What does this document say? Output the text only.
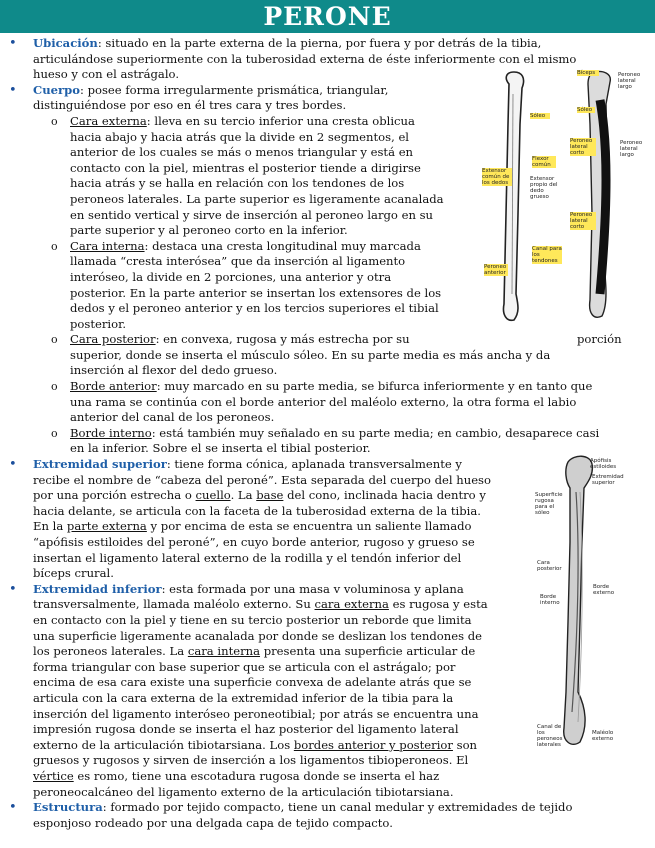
PERONE
Bíceps	Peroneo lateral largo
Sóleo
Sóleo
Peroneo lateral corto
Peroneo lateral largo
Flexor común
Extensor común de los dedos
Extensor propio del dedo grueso
Peroneo lateral corto
Canal para los tendones
Peroneo anterior
Apófisis estiloides
Extremidad superior
Superficie rugosa para el sóleo
Cara posterior
Borde externo
Borde interno
Canal de los peroneos laterales
Maléolo externo
• Ubicación: situado en la parte externa de la pierna, por fuera y por detrás de la tibia,
articulándose superiormente con la tuberosidad externa de éste inferiormente con el mismo
hueso y con el astrágalo.
• Cuerpo: posee forma irregularmente prismática, triangular,
distinguiéndose por eso en él tres cara y tres bordes.
o Cara externa: lleva en su tercio inferior una cresta oblicua
hacia abajo y hacia atrás que la divide en 2 segmentos, el
anterior de los cuales se más o menos triangular y está en
contacto con la piel, mientras el posterior tiende a dirigirse
hacia atrás y se halla en relación con los tendones de los
peroneos laterales. La parte superior es ligeramente acanalada
en sentido vertical y sirve de inserción al peroneo largo en su
parte superior y al peroneo corto en la inferior.
o Cara interna: destaca una cresta longitudinal muy marcada
llamada “cresta interósea” que da inserción al ligamento
interóseo, la divide en 2 porciones, una anterior y otra
posterior. En la parte anterior se insertan los extensores de los
dedos y el peroneo anterior y en los tercios superiores el tibial
posterior.
o Cara posterior: en convexa, rugosa y más estrecha por su	porción
superior, donde se inserta el músculo sóleo. En su parte media es más ancha y da
inserción al flexor del dedo grueso.
o Borde anterior: muy marcado en su parte media, se bifurca inferiormente y en tanto que
una rama se continúa con el borde anterior del maléolo externo, la otra forma el labio
anterior del canal de los peroneos.
o Borde interno: está también muy señalado en su parte media; en cambio, desaparece casi
en la inferior. Sobre el se inserta el tibial posterior.
• Extremidad superior: tiene forma cónica, aplanada transversalmente y
recibe el nombre de “cabeza del peroné”. Esta separada del cuerpo del hueso
por una porción estrecha o cuello. La base del cono, inclinada hacia dentro y
hacia delante, se articula con la faceta de la tuberosidad externa de la tibia.
En la parte externa y por encima de esta se encuentra un saliente llamado
“apófisis estiloides del peroné”, en cuyo borde anterior, rugoso y grueso se
insertan el ligamento lateral externo de la rodilla y el tendón inferior del
bíceps crural.
• Extremidad inferior: esta formada por una masa v voluminosa y aplana
transversalmente, llamada maléolo externo. Su cara externa es rugosa y esta
en contacto con la piel y tiene en su tercio posterior un reborde que limita
una superficie ligeramente acanalada por donde se deslizan los tendones de
los peroneos laterales. La cara interna presenta una superficie articular de
forma triangular con base superior que se articula con el astrágalo; por
encima de esa cara existe una superficie convexa de adelante atrás que se
articula con la cara externa de la extremidad inferior de la tibia para la
inserción del ligamento interóseo peroneotibial; por atrás se encuentra una
impresión rugosa donde se inserta el haz posterior del ligamento lateral
externo de la articulación tibiotarsiana. Los bordes anterior y posterior son
gruesos y rugosos y sirven de inserción a los ligamentos tibioperoneos. El
vértice es romo, tiene una escotadura rugosa donde se inserta el haz
peroneocalcáneo del ligamento externo de la articulación tibiotarsiana.
• Estructura: formado por tejido compacto, tiene un canal medular y extremidades de tejido
esponjoso rodeado por una delgada capa de tejido compacto.
